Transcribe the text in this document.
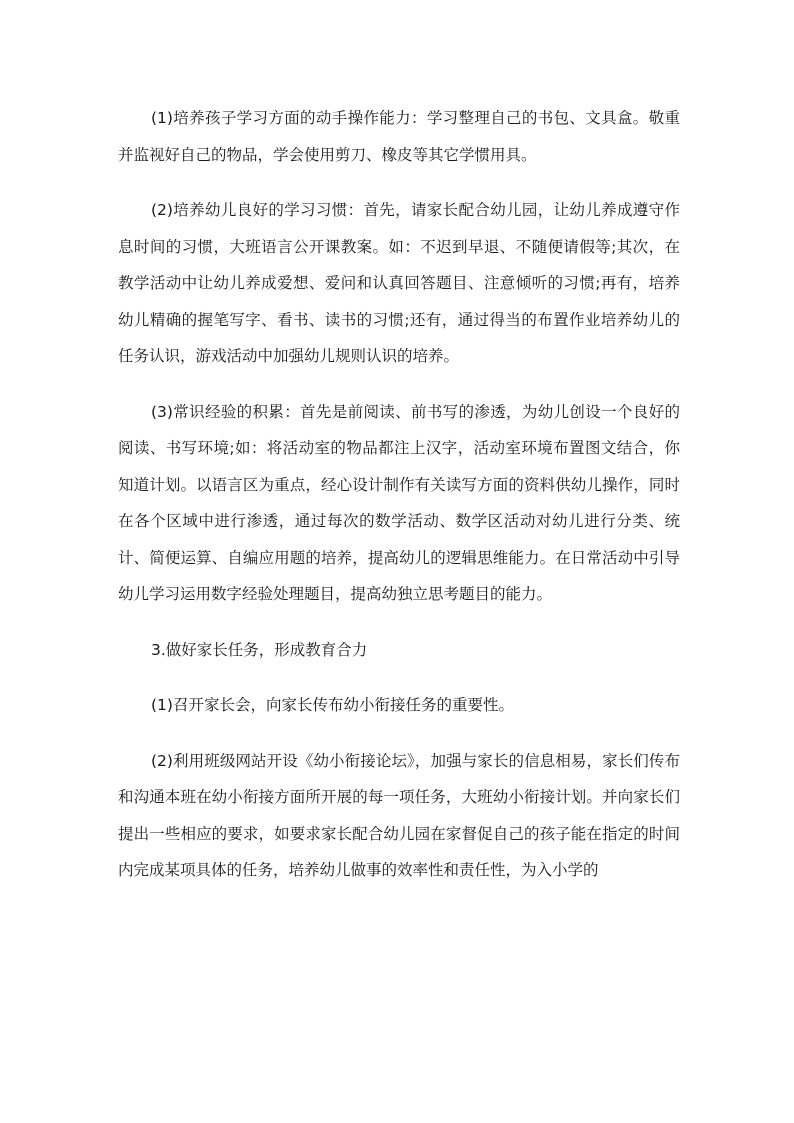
(1)培养孩子学习方面的动手操作能力：学习整理自己的书包、文具盒。敬重并监视好自己的物品，学会使用剪刀、橡皮等其它学惯用具。

(2)培养幼儿良好的学习习惯：首先，请家长配合幼儿园，让幼儿养成遵守作息时间的习惯，大班语言公开课教案。如：不迟到早退、不随便请假等;其次，在教学活动中让幼儿养成爱想、爱问和认真回答题目、注意倾听的习惯;再有，培养幼儿精确的握笔写字、看书、读书的习惯;还有，通过得当的布置作业培养幼儿的任务认识，游戏活动中加强幼儿规则认识的培养。

(3)常识经验的积累：首先是前阅读、前书写的渗透，为幼儿创设一个良好的阅读、书写环境;如：将活动室的物品都注上汉字，活动室环境布置图文结合，你知道计划。以语言区为重点，经心设计制作有关读写方面的资料供幼儿操作，同时在各个区域中进行渗透，通过每次的数学活动、数学区活动对幼儿进行分类、统计、简便运算、自编应用题的培养，提高幼儿的逻辑思维能力。在日常活动中引导幼儿学习运用数字经验处理题目，提高幼独立思考题目的能力。

3.做好家长任务，形成教育合力

(1)召开家长会，向家长传布幼小衔接任务的重要性。

(2)利用班级网站开设《幼小衔接论坛》，加强与家长的信息相易，家长们传布和沟通本班在幼小衔接方面所开展的每一项任务，大班幼小衔接计划。并向家长们提出一些相应的要求，如要求家长配合幼儿园在家督促自己的孩子能在指定的时间内完成某项具体的任务，培养幼儿做事的效率性和责任性，为入小学的
